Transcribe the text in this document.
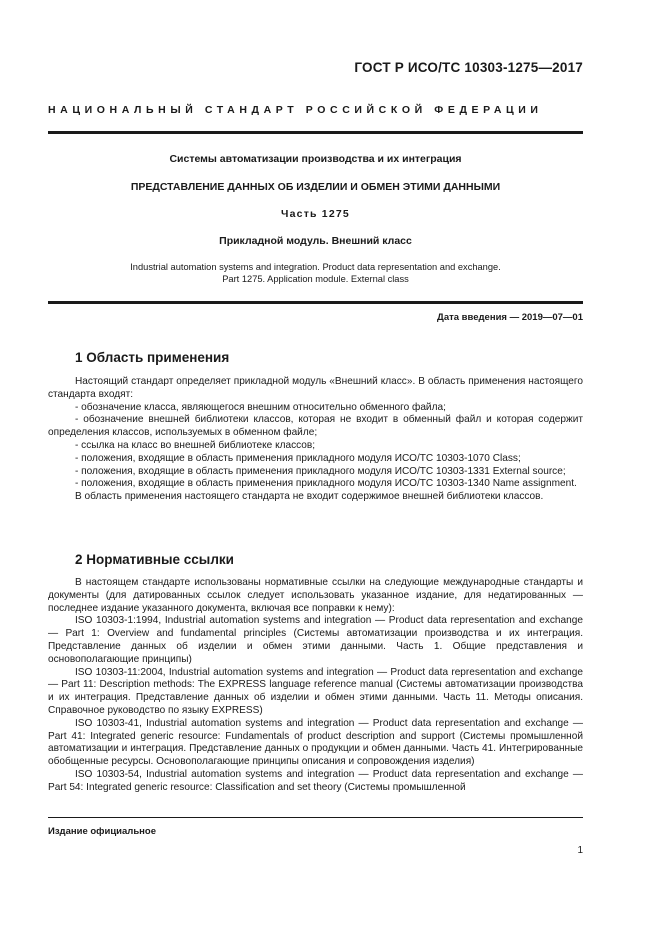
ГОСТ Р ИСО/ТС 10303-1275—2017
НАЦИОНАЛЬНЫЙ СТАНДАРТ РОССИЙСКОЙ ФЕДЕРАЦИИ
Системы автоматизации производства и их интеграция
ПРЕДСТАВЛЕНИЕ ДАННЫХ ОБ ИЗДЕЛИИ И ОБМЕН ЭТИМИ ДАННЫМИ
Часть 1275
Прикладной модуль. Внешний класс
Industrial automation systems and integration. Product data representation and exchange.
Part 1275. Application module. External class
Дата введения — 2019—07—01
1 Область применения

Настоящий стандарт определяет прикладной модуль «Внешний класс». В область применения настоящего стандарта входят:

- обозначение класса, являющегося внешним относительно обменного файла;

- обозначение внешней библиотеки классов, которая не входит в обменный файл и которая содержит определения классов, используемых в обменном файле;

- ссылка на класс во внешней библиотеке классов;

- положения, входящие в область применения прикладного модуля ИСО/ТС 10303-1070 Class;

- положения, входящие в область применения прикладного модуля ИСО/ТС 10303-1331 External source;

- положения, входящие в область применения прикладного модуля ИСО/ТС 10303-1340 Name assignment.

В область применения настоящего стандарта не входит содержимое внешней библиотеки классов.

2 Нормативные ссылки

В настоящем стандарте использованы нормативные ссылки на следующие международные стандарты и документы (для датированных ссылок следует использовать указанное издание, для недатированных — последнее издание указанного документа, включая все поправки к нему):

ISO 10303-1:1994, Industrial automation systems and integration — Product data representation and exchange — Part 1: Overview and fundamental principles (Системы автоматизации производства и их интеграция. Представление данных об изделии и обмен этими данными. Часть 1. Общие представления и основополагающие принципы)

ISO 10303-11:2004, Industrial automation systems and integration — Product data representation and exchange — Part 11: Description methods: The EXPRESS language reference manual (Системы автоматизации производства и их интеграция. Представление данных об изделии и обмен этими данными. Часть 11. Методы описания. Справочное руководство по языку EXPRESS)

ISO 10303-41, Industrial automation systems and integration — Product data representation and exchange — Part 41: Integrated generic resource: Fundamentals of product description and support (Системы промышленной автоматизации и интеграция. Представление данных о продукции и обмен данными. Часть 41. Интегрированные обобщенные ресурсы. Основополагающие принципы описания и сопровождения изделия)

ISO 10303-54, Industrial automation systems and integration — Product data representation and exchange — Part 54: Integrated generic resource: Classification and set theory (Системы промышленной

Издание официальное
1
